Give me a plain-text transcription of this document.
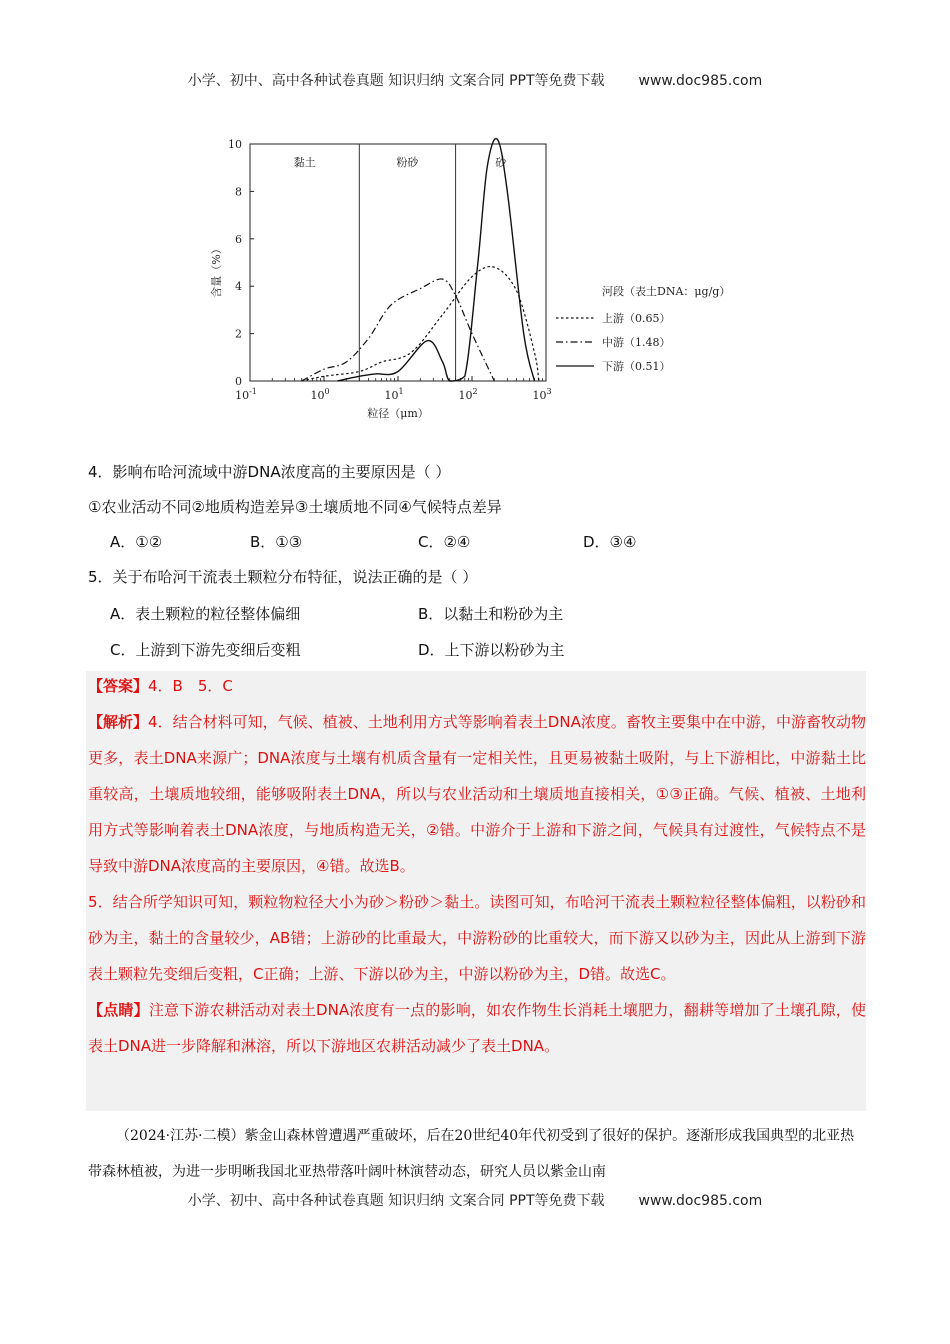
小学、初中、高中各种试卷真题 知识归纳 文案合同 PPT等免费下载 www.doc985.com
黏土	粉砂	砂
0
2
4
6
8
10
$10^{-1}$	$10^0$	$10^1$	$10^2$	$10^3$
粒径（μm）
含量（%）	河段（表土DNA：μg/g）
上游（0.65）
中游（1.48）
下游（0.51）
4．影响布哈河流域中游DNA浓度高的主要原因是（ ）
①农业活动不同②地质构造差异③土壤质地不同④气候特点差异
A．①②	B．①③	C．②④	D．③④
5．关于布哈河干流表土颗粒分布特征，说法正确的是（ ）
A．表土颗粒的粒径整体偏细	B．以黏土和粉砂为主
C．上游到下游先变细后变粗	D．上下游以粉砂为主

【答案】4．B　5．C

【解析】4．结合材料可知，气候、植被、土地利用方式等影响着表土DNA浓度。畜牧主要集中在中游，中游畜牧动物更多，表土DNA来源广；DNA浓度与土壤有机质含量有一定相关性，且更易被黏土吸附，与上下游相比，中游黏土比重较高，土壤质地较细，能够吸附表土DNA，所以与农业活动和土壤质地直接相关，①③正确。气候、植被、土地利用方式等影响着表土DNA浓度，与地质构造无关，②错。中游介于上游和下游之间，气候具有过渡性，气候特点不是导致中游DNA浓度高的主要原因，④错。故选B。

5．结合所学知识可知，颗粒物粒径大小为砂＞粉砂＞黏土。读图可知，布哈河干流表土颗粒粒径整体偏粗，以粉砂和砂为主，黏土的含量较少，AB错；上游砂的比重最大，中游粉砂的比重较大，而下游又以砂为主，因此从上游到下游表土颗粒先变细后变粗，C正确；上游、下游以砂为主，中游以粉砂为主，D错。故选C。

【点睛】注意下游农耕活动对表土DNA浓度有一点的影响，如农作物生长消耗土壤肥力，翻耕等增加了土壤孔隙，使表土DNA进一步降解和淋溶，所以下游地区农耕活动减少了表土DNA。

（2024·江苏·二模）紫金山森林曾遭遇严重破坏，后在20世纪40年代初受到了很好的保护。逐渐形成我国典型的北亚热带森林植被，为进一步明晰我国北亚热带落叶阔叶林演替动态，研究人员以紫金山南

小学、初中、高中各种试卷真题 知识归纳 文案合同 PPT等免费下载 www.doc985.com
